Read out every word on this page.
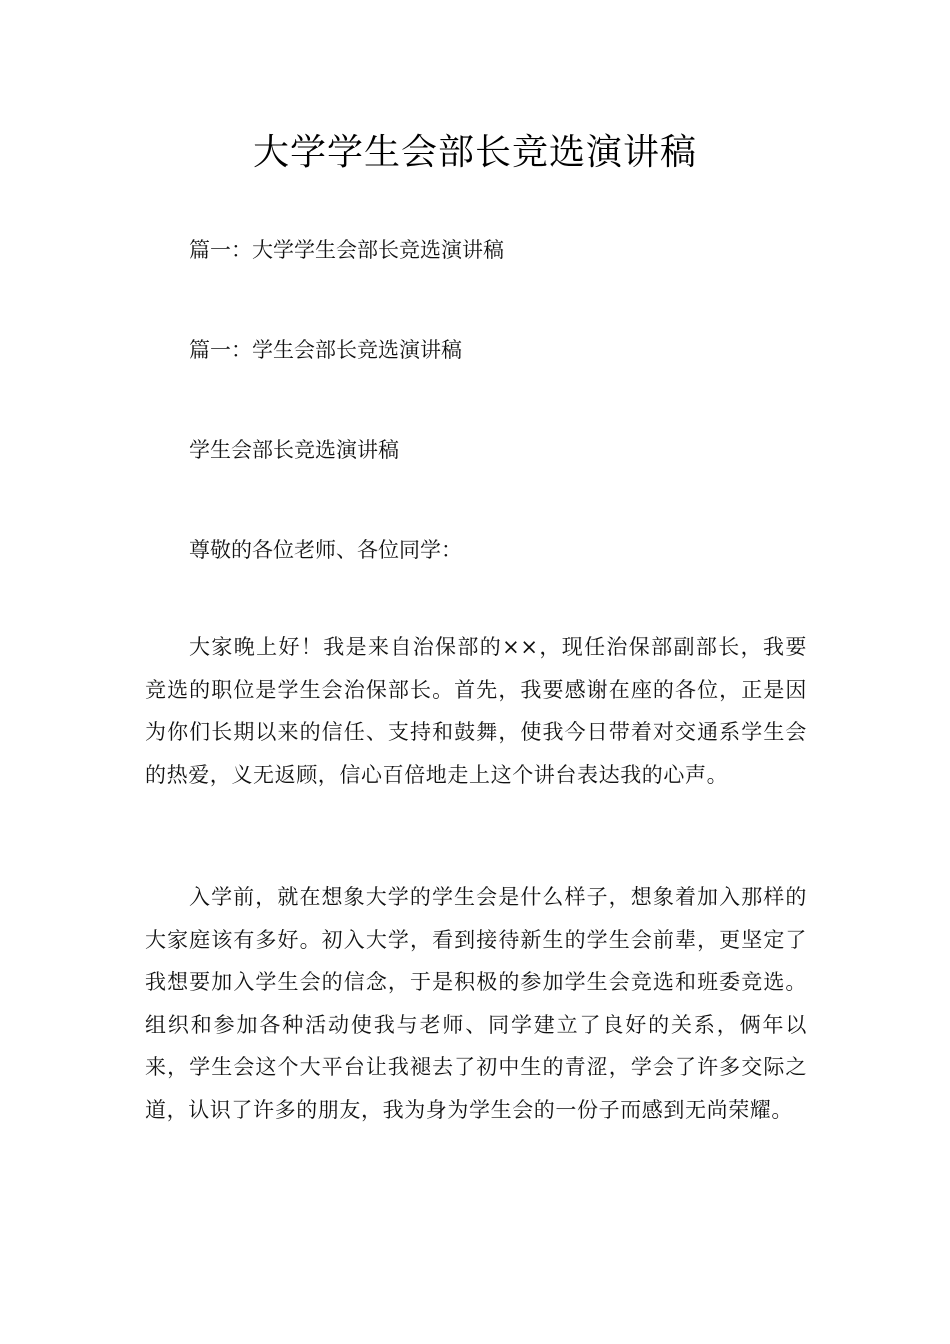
大学学生会部长竞选演讲稿
篇一：大学学生会部长竞选演讲稿
篇一：学生会部长竞选演讲稿
学生会部长竞选演讲稿
尊敬的各位老师、各位同学：
大家晚上好！我是来自治保部的××，现任治保部副部长，我要竞选的职位是学生会治保部长。首先，我要感谢在座的各位，正是因为你们长期以来的信任、支持和鼓舞，使我今日带着对交通系学生会的热爱，义无返顾，信心百倍地走上这个讲台表达我的心声。
入学前，就在想象大学的学生会是什么样子，想象着加入那样的大家庭该有多好。初入大学，看到接待新生的学生会前辈，更坚定了我想要加入学生会的信念，于是积极的参加学生会竞选和班委竞选。组织和参加各种活动使我与老师、同学建立了良好的关系，俩年以来，学生会这个大平台让我褪去了初中生的青涩，学会了许多交际之道，认识了许多的朋友，我为身为学生会的一份子而感到无尚荣耀。
